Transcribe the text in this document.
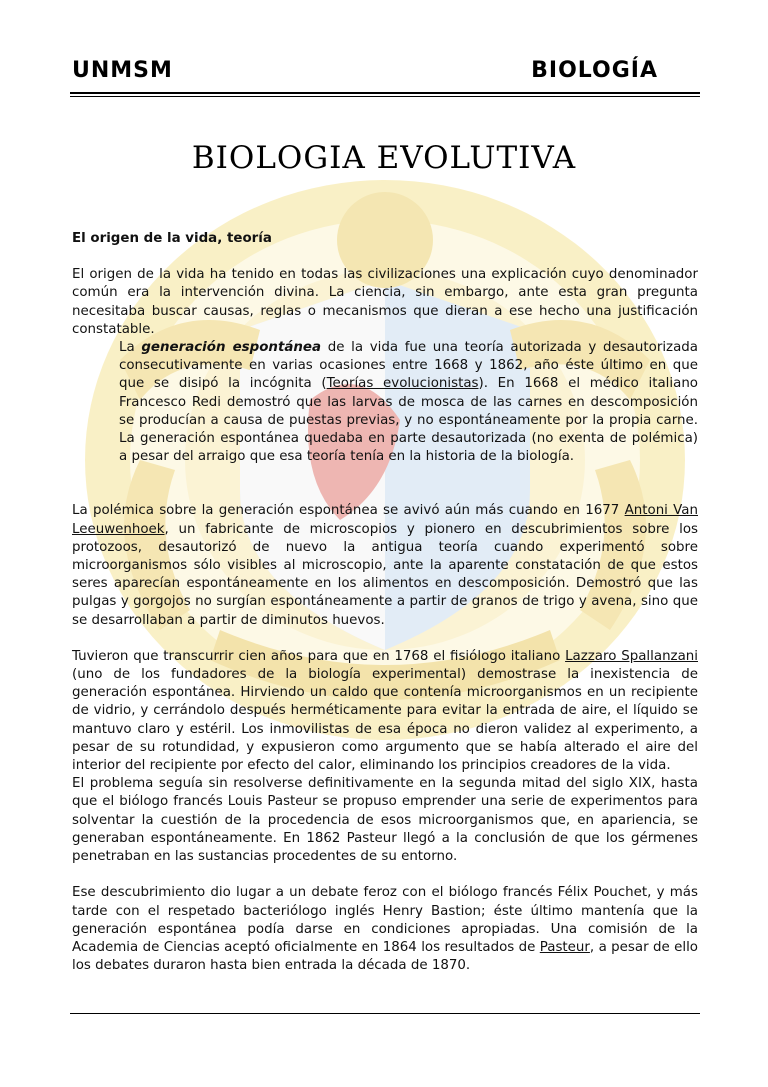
UNMSM	BIOLOGÍA
BIOLOGIA EVOLUTIVA

El origen de la vida, teoría

El origen de la vida ha tenido en todas las civilizaciones una explicación cuyo denominador común era la intervención divina. La ciencia, sin embargo, ante esta gran pregunta necesitaba buscar causas, reglas o mecanismos que dieran a ese hecho una justificación constatable.

La generación espontánea de la vida fue una teoría autorizada y desautorizada consecutivamente en varias ocasiones entre 1668 y 1862, año éste último en que que se disipó la incógnita (Teorías evolucionistas). En 1668 el médico italiano Francesco Redi demostró que las larvas de mosca de las carnes en descomposición se producían a causa de puestas previas, y no espontáneamente por la propia carne. La generación espontánea quedaba en parte desautorizada (no exenta de polémica) a pesar del arraigo que esa teoría tenía en la historia de la biología.

La polémica sobre la generación espontánea se avivó aún más cuando en 1677 Antoni Van Leeuwenhoek, un fabricante de microscopios y pionero en descubrimientos sobre los protozoos, desautorizó de nuevo la antigua teoría cuando experimentó sobre microorganismos sólo visibles al microscopio, ante la aparente constatación de que estos seres aparecían espontáneamente en los alimentos en descomposición. Demostró que las pulgas y gorgojos no surgían espontáneamente a partir de granos de trigo y avena, sino que se desarrollaban a partir de diminutos huevos.

Tuvieron que transcurrir cien años para que en 1768 el fisiólogo italiano Lazzaro Spallanzani (uno de los fundadores de la biología experimental) demostrase la inexistencia de generación espontánea. Hirviendo un caldo que contenía microorganismos en un recipiente de vidrio, y cerrándolo después herméticamente para evitar la entrada de aire, el líquido se mantuvo claro y estéril. Los inmovilistas de esa época no dieron validez al experimento, a pesar de su rotundidad, y expusieron como argumento que se había alterado el aire del interior del recipiente por efecto del calor, eliminando los principios creadores de la vida.

El problema seguía sin resolverse definitivamente en la segunda mitad del siglo XIX, hasta que el biólogo francés Louis Pasteur se propuso emprender una serie de experimentos para solventar la cuestión de la procedencia de esos microorganismos que, en apariencia, se generaban espontáneamente. En 1862 Pasteur llegó a la conclusión de que los gérmenes penetraban en las sustancias procedentes de su entorno.

Ese descubrimiento dio lugar a un debate feroz con el biólogo francés Félix Pouchet, y más tarde con el respetado bacteriólogo inglés Henry Bastion; éste último mantenía que la generación espontánea podía darse en condiciones apropiadas. Una comisión de la Academia de Ciencias aceptó oficialmente en 1864 los resultados de Pasteur, a pesar de ello los debates duraron hasta bien entrada la década de 1870.
